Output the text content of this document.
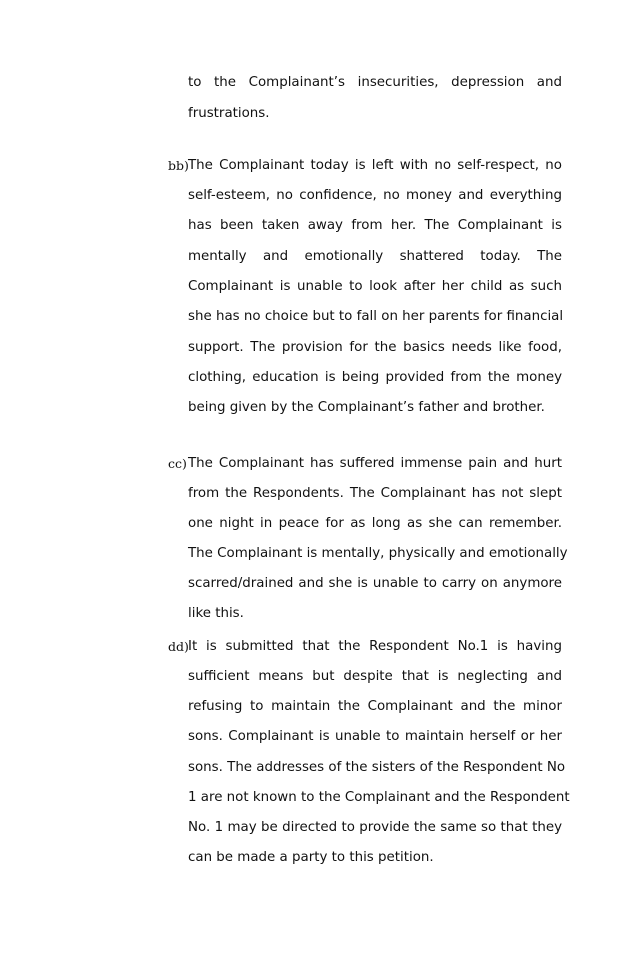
to the Complainant’s insecurities, depression and
frustrations.
bb) The Complainant today is left with no self-respect, no
self-esteem, no confidence, no money and everything
has been taken away from her. The Complainant is
mentally and emotionally shattered today. The
Complainant is unable to look after her child as such
she has no choice but to fall on her parents for financial
support. The provision for the basics needs like food,
clothing, education is being provided from the money
being given by the Complainant’s father and brother.
cc) The Complainant has suffered immense pain and hurt
from the Respondents. The Complainant has not slept
one night in peace for as long as she can remember.
The Complainant is mentally, physically and emotionally
scarred/drained and she is unable to carry on anymore
like this.
dd) It is submitted that the Respondent No.1 is having
sufficient means but despite that is neglecting and
refusing to maintain the Complainant and the minor
sons. Complainant is unable to maintain herself or her
sons. The addresses of the sisters of the Respondent No
1 are not known to the Complainant and the Respondent
No. 1 may be directed to provide the same so that they
can be made a party to this petition.
